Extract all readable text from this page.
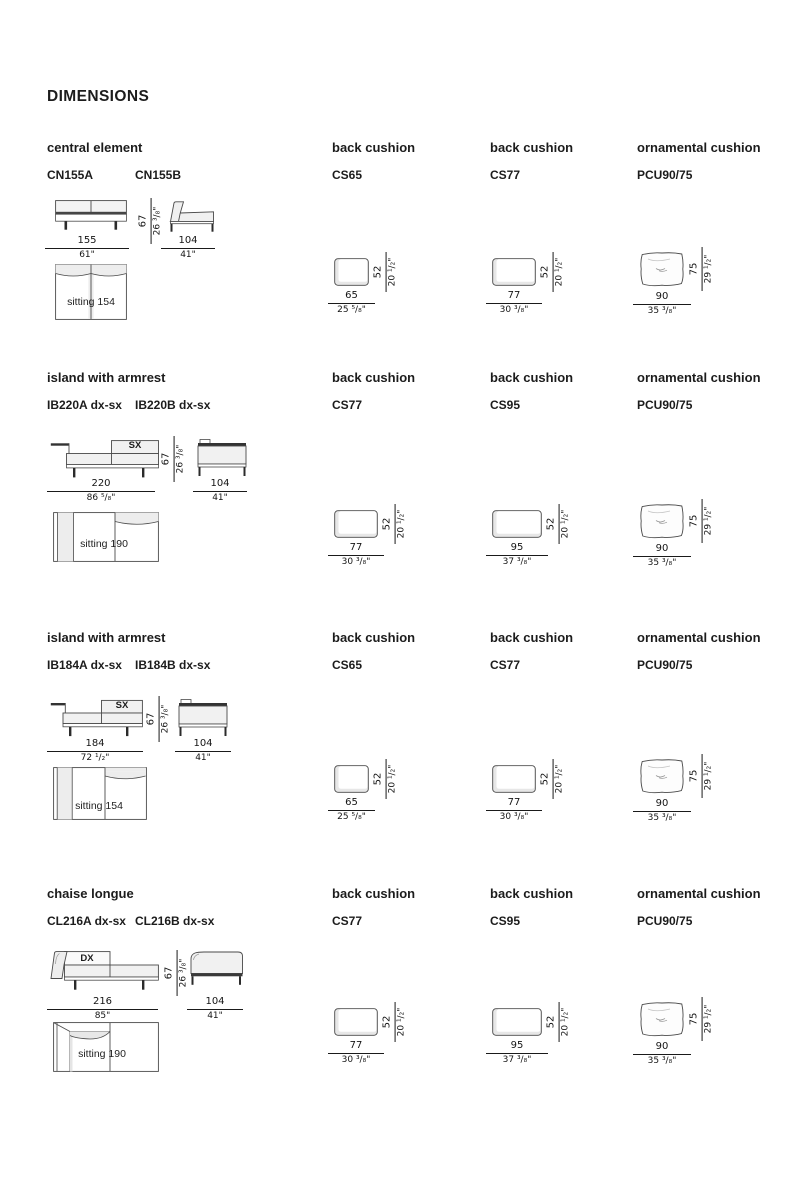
DIMENSIONS
central element
CN155A	CN155B
67 26 ³/₈"
155
61"
104
41"
sitting 154
back cushion
CS65
52 20 ¹/₂"
65
25 ⁵/₈"
back cushion
CS77
52 20 ¹/₂"
77
30 ³/₈"
ornamental cushion
PCU90/75
75 29 ¹/₂"
90
35 ³/₈"
island with armrest
IB220A dx-sx	IB220B dx-sx
SX
67 26 ³/₈"
220
86 ⁵/₈"
104
41"
sitting 190
back cushion
CS77
52 20 ¹/₂"
77
30 ³/₈"
back cushion
CS95
52 20 ¹/₂"
95
37 ³/₈"
ornamental cushion
PCU90/75
75 29 ¹/₂"
90
35 ³/₈"
island with armrest
IB184A dx-sx	IB184B dx-sx
SX
67 26 ³/₈"
184
72 ¹/₂"
104
41"
sitting 154
back cushion
CS65
52 20 ¹/₂"
65
25 ⁵/₈"
back cushion
CS77
52 20 ¹/₂"
77
30 ³/₈"
ornamental cushion
PCU90/75
75 29 ¹/₂"
90
35 ³/₈"
chaise longue
CL216A dx-sx CL216B dx-sx
DX
67 26 ³/₈"
216
85"
104
41"
sitting 190
back cushion
CS77
52 20 ¹/₂"
77
30 ³/₈"
back cushion
CS95
52 20 ¹/₂"
95
37 ³/₈"
ornamental cushion
PCU90/75
75 29 ¹/₂"
90
35 ³/₈"
